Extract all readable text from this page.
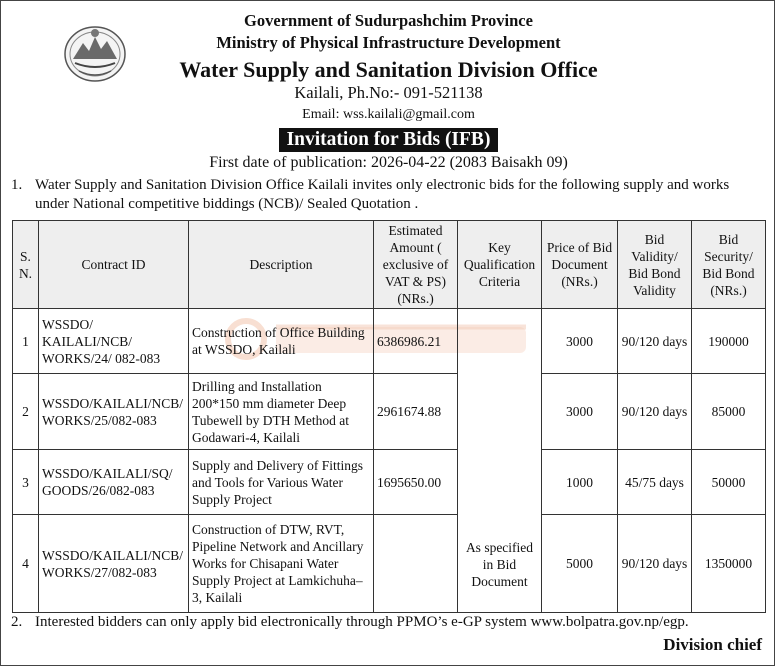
Government of Sudurpashchim Province
Ministry of Physical Infrastructure Development
Water Supply and Sanitation Division Office
Kailali, Ph.No:- 091-521138
Email: wss.kailali@gmail.com
Invitation for Bids (IFB)
First date of publication: 2026-04-22 (2083 Baisakh 09)
1. Water Supply and Sanitation Division Office Kailali invites only electronic bids for the following supply and works under National competitive biddings (NCB)/ Sealed Quotation .
S. N.	Contract ID	Description	Estimated Amount ( exclusive of VAT & PS) (NRs.)	Key Qualification Criteria	Price of Bid Document (NRs.)	Bid Validity/ Bid Bond Validity	Bid Security/ Bid Bond (NRs.)
1	WSSDO/ KAILALI/NCB/ WORKS/24/ 082-083	Construction of Office Building at WSSDO, Kailali	6386986.21	As specified in Bid Document	3000	90/120 days	190000
2	WSSDO/KAILALI/NCB/ WORKS/25/082-083	Drilling and Installation 200*150 mm diameter Deep Tubewell by DTH Method at Godawari-4, Kailali	2961674.88		3000	90/120 days	85000
3	WSSDO/KAILALI/SQ/ GOODS/26/082-083	Supply and Delivery of Fittings and Tools for Various Water Supply Project	1695650.00		1000	45/75 days	50000
4	WSSDO/KAILALI/NCB/ WORKS/27/082-083	Construction of DTW, RVT, Pipeline Network and Ancillary Works for Chisapani Water Supply Project at Lamkichuha–3, Kailali			5000	90/120 days	1350000
2. Interested bidders can only apply bid electronically through PPMO’s e-GP system www.bolpatra.gov.np/egp.
Division chief
